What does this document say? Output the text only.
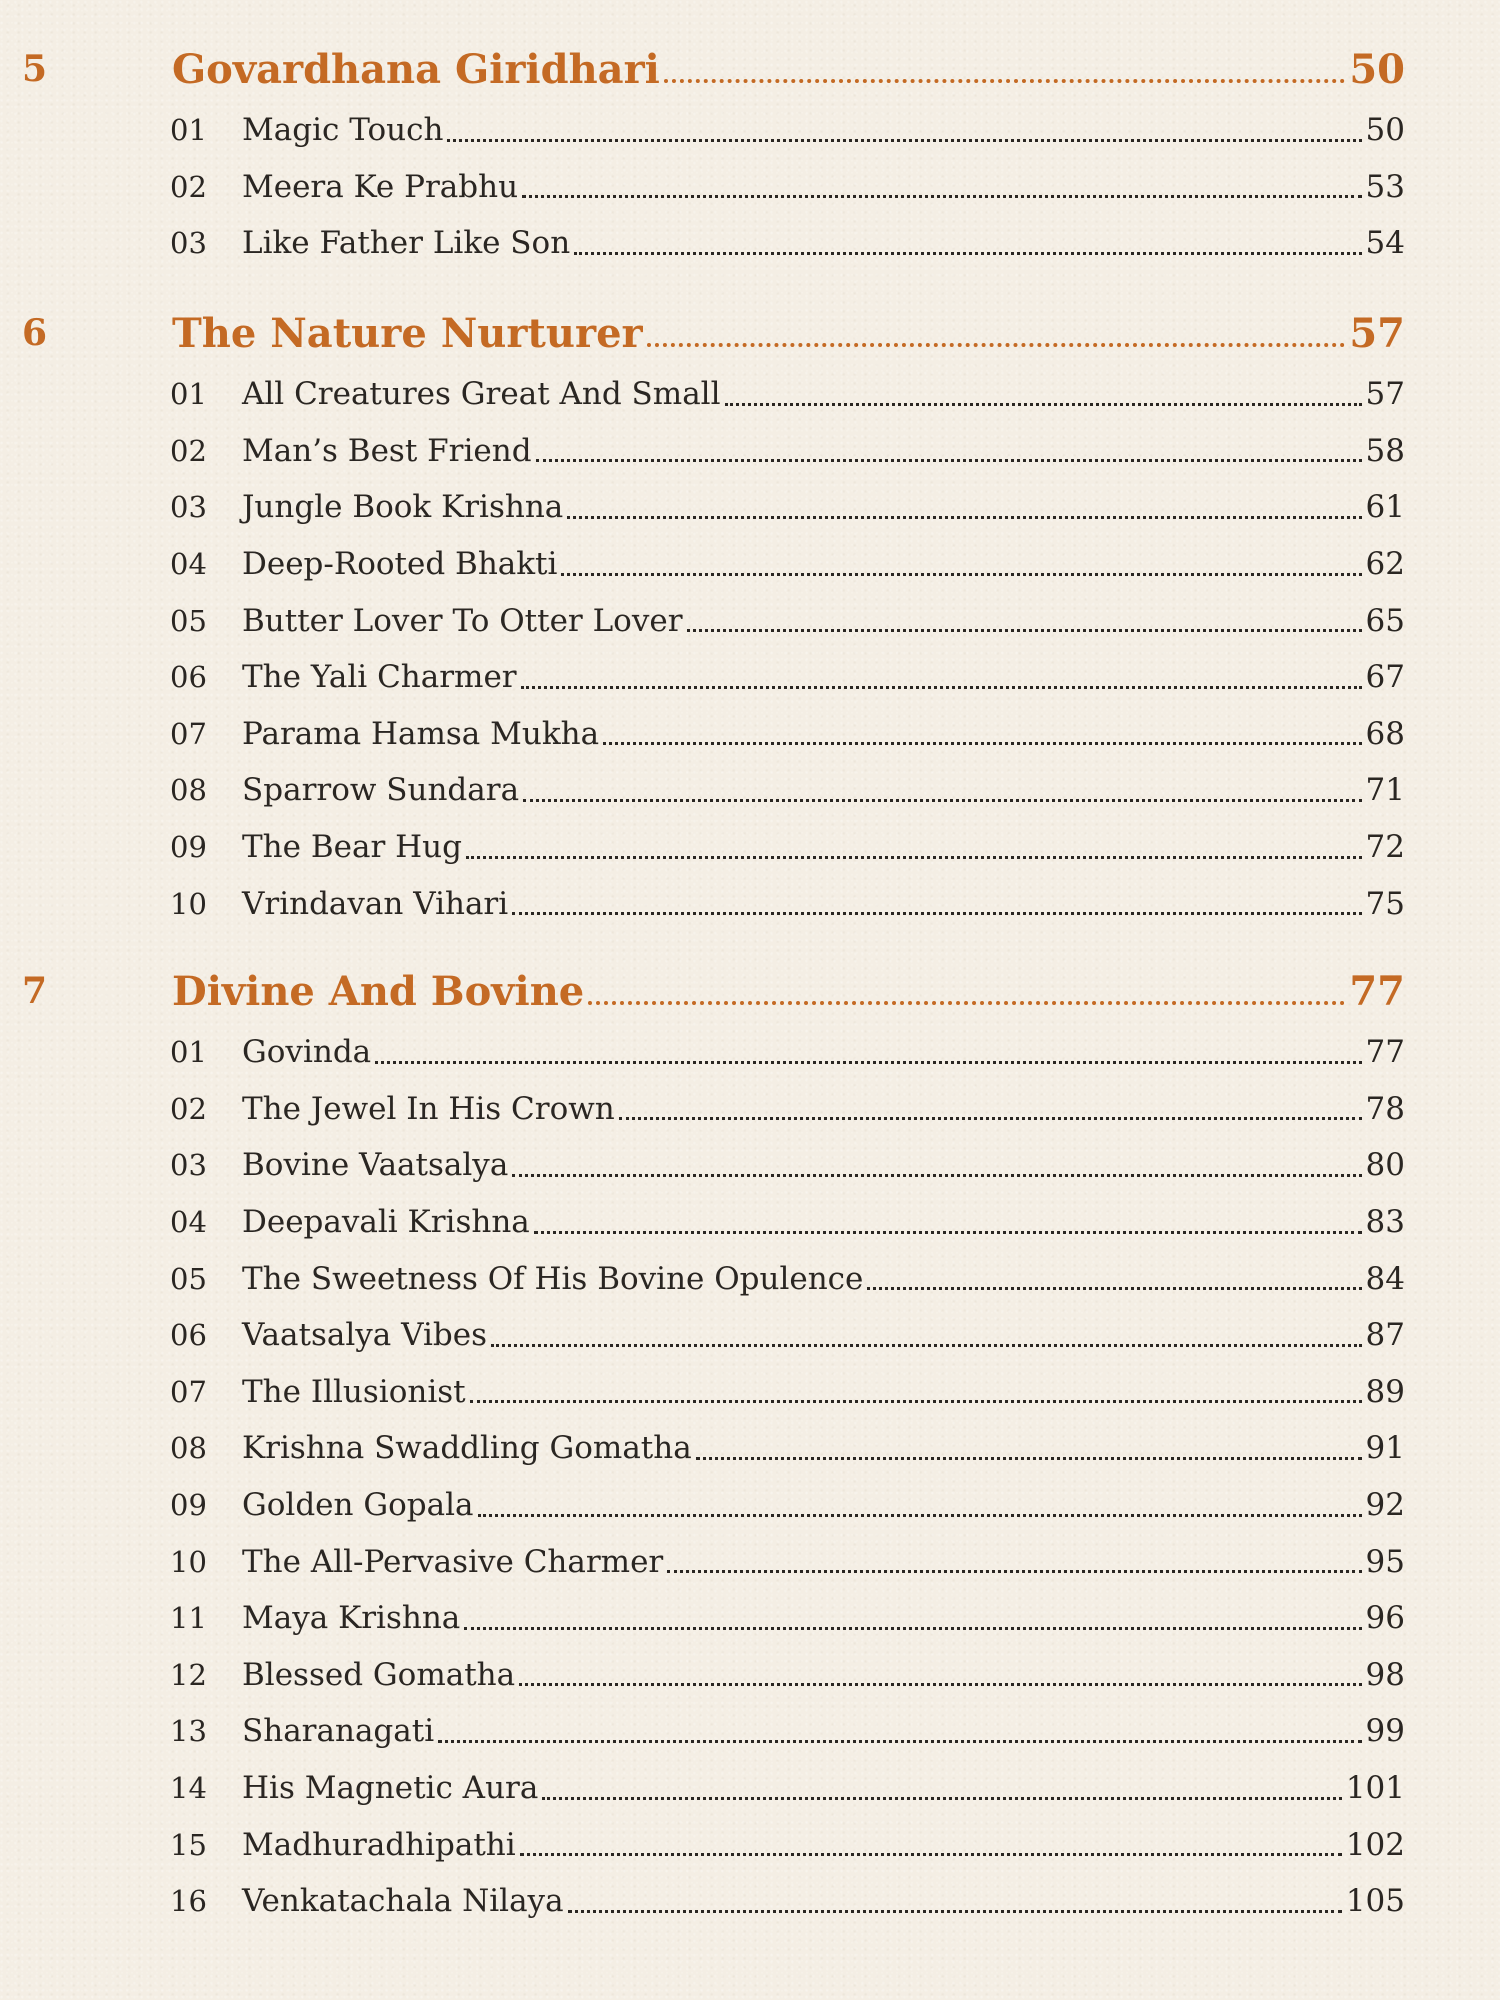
5	Govardhana Giridhari	50
01 Magic Touch	50
02 Meera Ke Prabhu	53
03 Like Father Like Son	54
6	The Nature Nurturer	57
01 All Creatures Great And Small	57
02 Man’s Best Friend	58
03 Jungle Book Krishna	61
04 Deep-Rooted Bhakti	62
05 Butter Lover To Otter Lover	65
06 The Yali Charmer	67
07 Parama Hamsa Mukha	68
08 Sparrow Sundara	71
09 The Bear Hug	72
10 Vrindavan Vihari	75
7	Divine And Bovine	77
01 Govinda	77
02 The Jewel In His Crown	78
03 Bovine Vaatsalya	80
04 Deepavali Krishna	83
05 The Sweetness Of His Bovine Opulence	84
06 Vaatsalya Vibes	87
07 The Illusionist	89
08 Krishna Swaddling Gomatha	91
09 Golden Gopala	92
10 The All-Pervasive Charmer	95
11 Maya Krishna	96
12 Blessed Gomatha	98
13 Sharanagati	99
14 His Magnetic Aura	101
15 Madhuradhipathi	102
16 Venkatachala Nilaya	105
